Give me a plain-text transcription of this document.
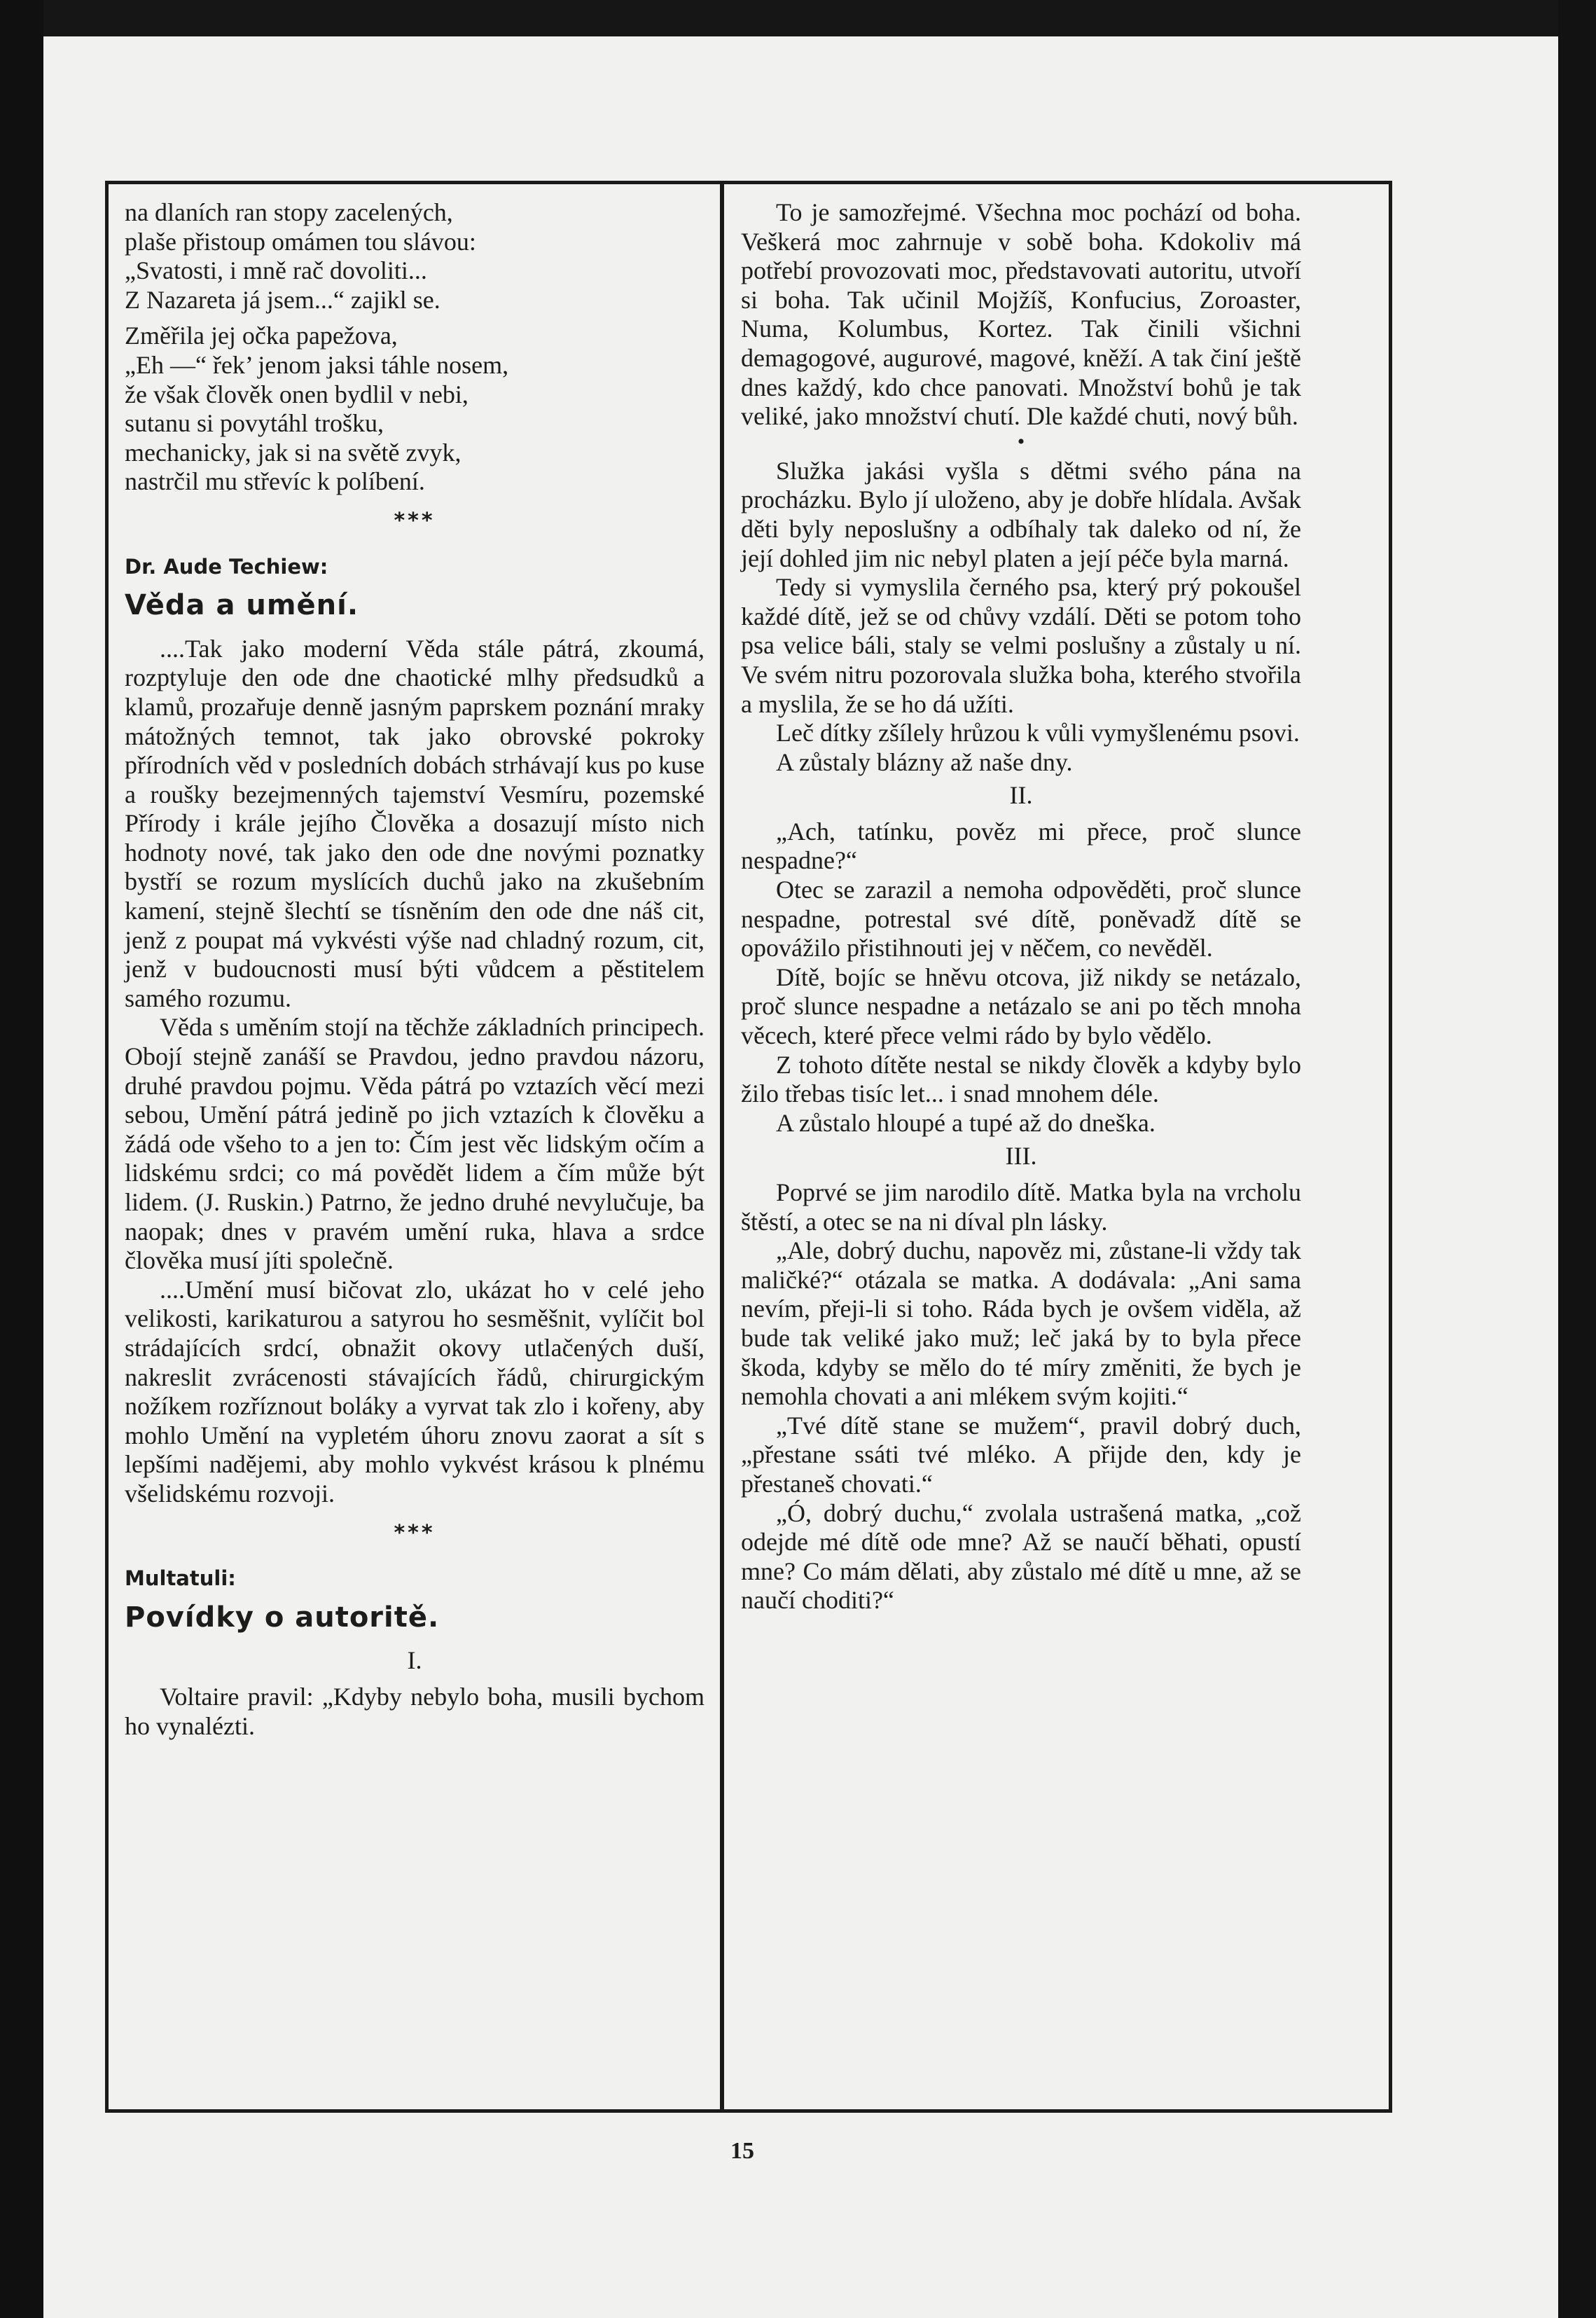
na dlaních ran stopy zacelených,

plaše přistoup omámen tou slávou:

„Svatosti, i mně rač dovoliti...

Z Nazareta já jsem...“ zajikl se.

Změřila jej očka papežova,

„Eh —“ řek’ jenom jaksi táhle nosem,

že však člověk onen bydlil v nebi,

sutanu si povytáhl trošku,

mechanicky, jak si na světě zvyk,

nastrčil mu střevíc k políbení.

***
Dr. Aude Techiew:
Věda a umění.

....Tak jako moderní Věda stále pátrá, zkoumá, rozptyluje den ode dne chaotické mlhy předsudků a klamů, prozařuje denně jasným paprskem poznání mraky mátožných temnot, tak jako obrovské pokroky přírodních věd v posledních dobách strhávají kus po kuse a roušky bezejmenných tajemství Vesmíru, pozemské Přírody i krále jejího Člověka a dosazují místo nich hodnoty nové, tak jako den ode dne novými poznatky bystří se rozum myslících duchů jako na zkušebním kamení, stejně šlechtí se tísněním den ode dne náš cit, jenž z poupat má vykvésti výše nad chladný rozum, cit, jenž v budoucnosti musí býti vůdcem a pěstitelem samého rozumu.

Věda s uměním stojí na těchže základních principech. Obojí stejně zanáší se Pravdou, jedno pravdou názoru, druhé pravdou pojmu. Věda pátrá po vztazích věcí mezi sebou, Umění pátrá jedině po jich vztazích k člověku a žádá ode všeho to a jen to: Čím jest věc lidským očím a lidskému srdci; co má povědět lidem a čím může být lidem. (J. Ruskin.) Patrno, že jedno druhé nevylučuje, ba naopak; dnes v pravém umění ruka, hlava a srdce člověka musí jíti společně.

....Umění musí bičovat zlo, ukázat ho v celé jeho velikosti, karikaturou a satyrou ho sesměšnit, vylíčit bol strádajících srdcí, obnažit okovy utlačených duší, nakreslit zvrácenosti stávajících řádů, chirurgickým nožíkem rozříznout boláky a vyrvat tak zlo i kořeny, aby mohlo Umění na vypletém úhoru znovu zaorat a sít s lepšími nadějemi, aby mohlo vykvést krásou k plnému všelidskému rozvoji.

***
Multatuli:
Povídky o autoritě.
I.

Voltaire pravil: „Kdyby nebylo boha, musili bychom ho vynalézti.

To je samozřejmé. Všechna moc pochází od boha. Veškerá moc zahrnuje v sobě boha. Kdokoliv má potřebí provozovati moc, představovati autoritu, utvoří si boha. Tak učinil Mojžíš, Konfucius, Zoroaster, Numa, Kolumbus, Kortez. Tak činili všichni demagogové, augurové, magové, kněží. A tak činí ještě dnes každý, kdo chce panovati. Množství bohů je tak veliké, jako množství chutí. Dle každé chuti, nový bůh.

•

Služka jakási vyšla s dětmi svého pána na procházku. Bylo jí uloženo, aby je dobře hlídala. Avšak děti byly neposlušny a odbíhaly tak daleko od ní, že její dohled jim nic nebyl platen a její péče byla marná.

Tedy si vymyslila černého psa, který prý pokoušel každé dítě, jež se od chůvy vzdálí. Děti se potom toho psa velice báli, staly se velmi poslušny a zůstaly u ní. Ve svém nitru pozorovala služka boha, kterého stvořila a myslila, že se ho dá užíti.

Leč dítky zšílely hrůzou k vůli vymyšlenému psovi.

A zůstaly blázny až naše dny.

II.

„Ach, tatínku, pověz mi přece, proč slunce nespadne?“

Otec se zarazil a nemoha odpověděti, proč slunce nespadne, potrestal své dítě, poněvadž dítě se opovážilo přistihnouti jej v něčem, co nevěděl.

Dítě, bojíc se hněvu otcova, již nikdy se netázalo, proč slunce nespadne a netázalo se ani po těch mnoha věcech, které přece velmi rádo by bylo vědělo.

Z tohoto dítěte nestal se nikdy člověk a kdyby bylo žilo třebas tisíc let... i snad mnohem déle.

A zůstalo hloupé a tupé až do dneška.

III.

Poprvé se jim narodilo dítě. Matka byla na vrcholu štěstí, a otec se na ni díval pln lásky.

„Ale, dobrý duchu, napověz mi, zůstane-li vždy tak maličké?“ otázala se matka. A dodávala: „Ani sama nevím, přeji-li si toho. Ráda bych je ovšem viděla, až bude tak veliké jako muž; leč jaká by to byla přece škoda, kdyby se mělo do té míry změniti, že bych je nemohla chovati a ani mlékem svým kojiti.“

„Tvé dítě stane se mužem“, pravil dobrý duch, „přestane ssáti tvé mléko. A přijde den, kdy je přestaneš chovati.“

„Ó, dobrý duchu,“ zvolala ustrašená matka, „což odejde mé dítě ode mne? Až se naučí běhati, opustí mne? Co mám dělati, aby zůstalo mé dítě u mne, až se naučí choditi?“

15
